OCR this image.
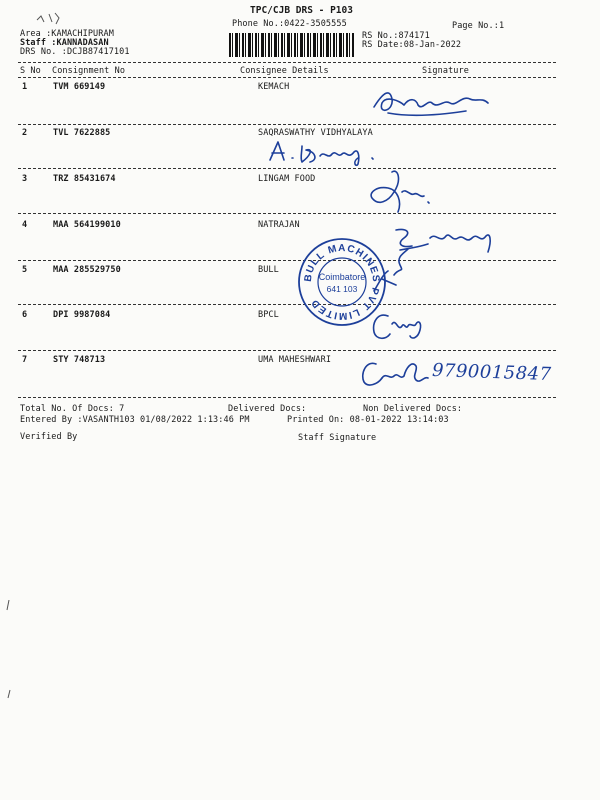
TPC/CJB DRS - P103
Phone No.:0422-3505555	Page No.:1
Area :KAMACHIPURAM
Staff :KANNADASAN
DRS No. :DCJB87417101
RS No.:874171
RS Date:08-Jan-2022
S No Consignment No	Consignee Details	Signature
1	TVM 669149	KEMACH
2	TVL 7622885	SAQRASWATHY VIDHYALAYA
3	TRZ 85431674	LINGAM FOOD
4	MAA 564199010	NATRAJAN
5	MAA 285529750	BULL
6	DPI 9987084	BPCL
7	STY 748713	UMA MAHESHWARI	9790015847
BULL MACHINES PVT LIMITED
Coimbatore
641 103
Total No. Of Docs: 7	Delivered Docs:	Non Delivered Docs:
Entered By :VASANTH103 01/08/2022 1:13:46 PM	Printed On: 08-01-2022 13:14:03
Verified By	Staff Signature
